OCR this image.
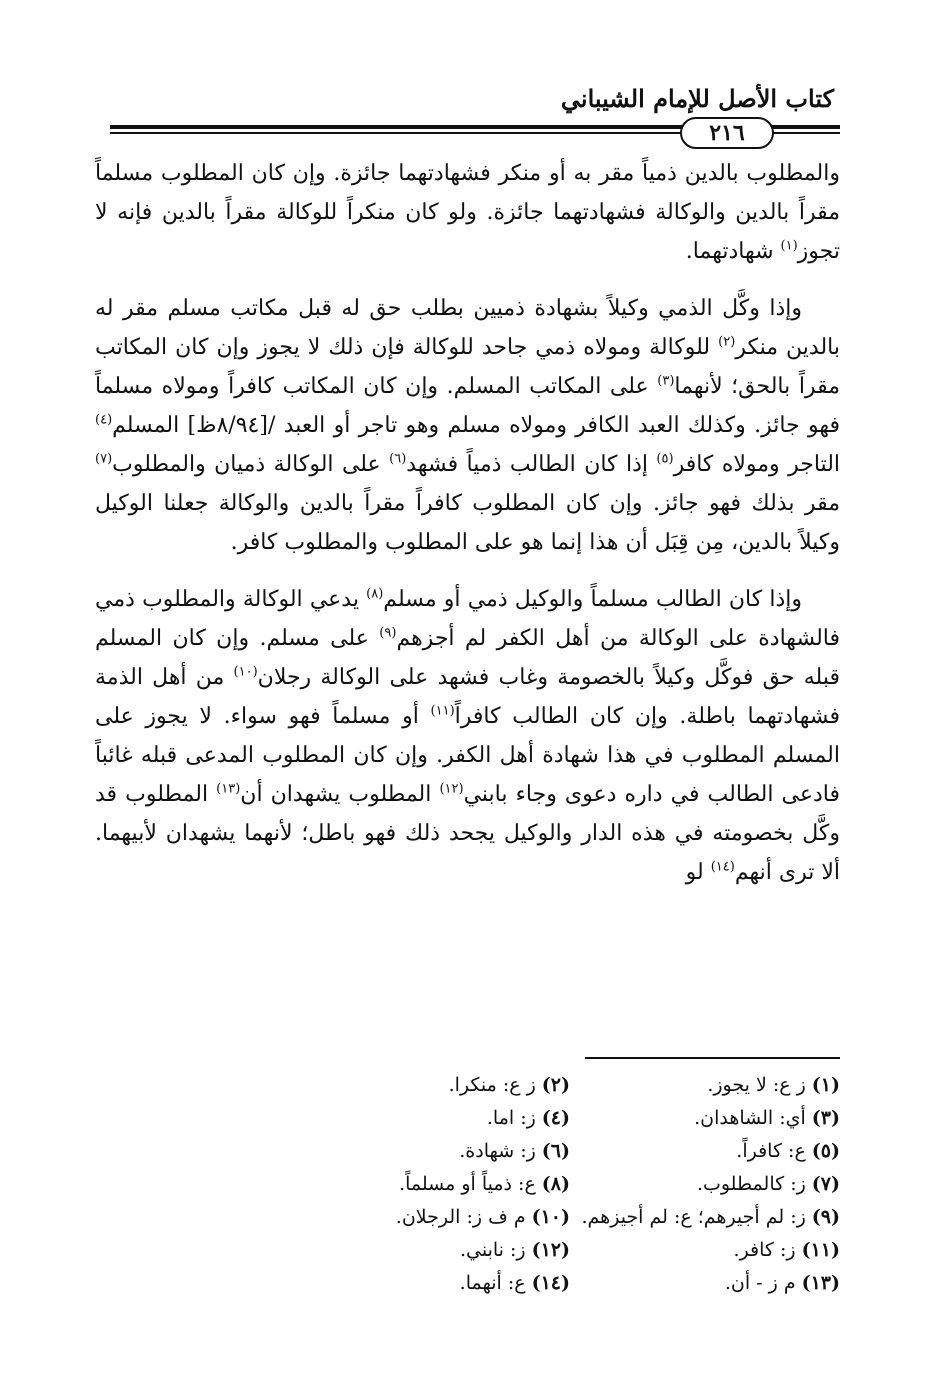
كتاب الأصل للإمام الشيباني
٢١٦

والمطلوب بالدين ذمياً مقر به أو منكر فشهادتهما جائزة. وإن كان المطلوب مسلماً مقراً بالدين والوكالة فشهادتهما جائزة. ولو كان منكراً للوكالة مقراً بالدين فإنه لا تجوز$^{(١)}$ شهادتهما.

وإذا وكَّل الذمي وكيلاً بشهادة ذميين بطلب حق له قبل مكاتب مسلم مقر له بالدين منكر$^{(٢)}$ للوكالة ومولاه ذمي جاحد للوكالة فإن ذلك لا يجوز وإن كان المكاتب مقراً بالحق؛ لأنهما$^{(٣)}$ على المكاتب المسلم. وإن كان المكاتب كافراً ومولاه مسلماً فهو جائز. وكذلك العبد الكافر ومولاه مسلم وهو تاجر أو العبد /[٨/٩٤ظ] المسلم$^{(٤)}$ التاجر ومولاه كافر$^{(٥)}$ إذا كان الطالب ذمياً فشهد$^{(٦)}$ على الوكالة ذميان والمطلوب$^{(٧)}$ مقر بذلك فهو جائز. وإن كان المطلوب كافراً مقراً بالدين والوكالة جعلنا الوكيل وكيلاً بالدين، مِن قِبَل أن هذا إنما هو على المطلوب والمطلوب كافر.

وإذا كان الطالب مسلماً والوكيل ذمي أو مسلم$^{(٨)}$ يدعي الوكالة والمطلوب ذمي فالشهادة على الوكالة من أهل الكفر لم أجزهم$^{(٩)}$ على مسلم. وإن كان المسلم قبله حق فوكَّل وكيلاً بالخصومة وغاب فشهد على الوكالة رجلان$^{(١٠)}$ من أهل الذمة فشهادتهما باطلة. وإن كان الطالب كافراً$^{(١١)}$ أو مسلماً فهو سواء. لا يجوز على المسلم المطلوب في هذا شهادة أهل الكفر. وإن كان المطلوب المدعى قبله غائباً فادعى الطالب في داره دعوى وجاء بابني$^{(١٢)}$ المطلوب يشهدان أن$^{(١٣)}$ المطلوب قد وكَّل بخصومته في هذه الدار والوكيل يجحد ذلك فهو باطل؛ لأنهما يشهدان لأبيهما. ألا ترى أنهم$^{(١٤)}$ لو

(١)ز ع: لا يجوز.
(٢)ز ع: منكرا.
(٣)أي: الشاهدان.
(٤)ز: اما.
(٥)ع: كافراً.
(٦)ز: شهادة.
(٧)ز: كالمطلوب.
(٨)ع: ذمياً أو مسلماً.
(٩)ز: لم أجيرهم؛ ع: لم أجيزهم.
(١٠)م ف ز: الرجلان.
(١١)ز: كافر.
(١٢)ز: نابني.
(١٣)م ز - أن.
(١٤)ع: أنهما.
